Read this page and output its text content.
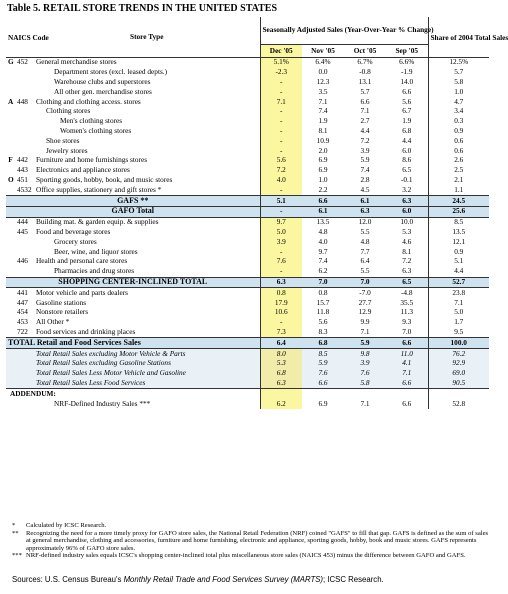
Table 5. RETAIL STORE TRENDS IN THE UNITED STATES
NAICS Code		Store Type	Seasonally Adjusted Sales (Year-Over-Year % Change)				Share of 2004 Total Sales
			Dec '05	Nov '05	Oct '05	Sep '05	
G	452	General merchandise stores	5.1%	6.4%	6.7%	6.6%	12.5%
		Department stores (excl. leased depts.)	-2.3	0.0	-0.8	-1.9	5.7
		Warehouse clubs and superstores	-	12.3	13.1	14.0	5.8
		All other gen. merchandise stores	-	3.5	5.7	6.6	1.0
A	448	Clothing and clothing access. stores	7.1	7.1	6.6	5.6	4.7
		Clothing stores	-	7.4	7.1	6.7	3.4
		Men's clothing stores	-	1.9	2.7	1.9	0.3
		Women's clothing stores	-	8.1	4.4	6.8	0.9
		Shoe stores	-	10.9	7.2	4.4	0.6
		Jewelry stores	-	2.0	3.9	6.0	0.6
F	442	Furniture and home furnishings stores	5.6	6.9	5.9	8.6	2.6
	443	Electronics and appliance stores	7.2	6.9	7.4	6.5	2.5
O	451	Sporting goods, hobby, book, and music stores	4.0	1.0	2.8	-0.1	2.1
	4532	Office supplies, stationery and gift stores *	-	2.2	4.5	3.2	1.1
GAFS **			5.1	6.6	6.1	6.3	24.5
GAFO Total			-	6.1	6.3	6.0	25.6
	444	Building mat. & garden equip. & supplies	9.7	13.5	12.0	10.0	8.5
	445	Food and beverage stores	5.0	4.8	5.5	5.3	13.5
		Grocery stores	3.9	4.0	4.8	4.6	12.1
		Beer, wine, and liquor stores	-	9.7	7.7	8.1	0.9
	446	Health and personal care stores	7.6	7.4	6.4	7.2	5.1
		Pharmacies and drug stores	-	6.2	5.5	6.3	4.4
SHOPPING CENTER-INCLINED TOTAL			6.3	7.0	7.0	6.5	52.7
	441	Motor vehicle and parts dealers	0.8	0.8	-7.0	-4.8	23.8
	447	Gasoline stations	17.9	15.7	27.7	35.5	7.1
	454	Nonstore retailers	10.6	11.8	12.9	11.3	5.0
	453	All Other *	-	5.6	9.9	9.3	1.7
	722	Food services and drinking places	7.3	8.3	7.1	7.0	9.5
TOTAL Retail and Food Services Sales			6.4	6.8	5.9	6.6	100.0
Total Retail Sales excluding Motor Vehicle & Parts			8.0	8.5	9.8	11.0	76.2
Total Retail Sales excluding Gasoline Stations			5.3	5.9	3.9	4.1	92.9
Total Retail Sales Less Motor Vehicle and Gasoline			6.8	7.6	7.6	7.1	69.0
Total Retail Sales Less Food Services			6.3	6.6	5.8	6.6	90.5
ADDENDUM:							
		NRF-Defined Industry Sales ***	6.2	6.9	7.1	6.6	52.8
*	Calculated by ICSC Research.
**	Recognizing the need for a more timely proxy for GAFO store sales, the National Retail Federation (NRF) coined "GAFS" to fill that gap. GAFS is defined as the sum of sales at general merchandise, clothing and accessories, furniture and home furnishing, electronic and appliance, sporting goods, hobby, book and music stores. GAFS represents approximately 96% of GAFO store sales.
*** NRF-defined industry sales equals ICSC's shopping center-inclined total plus miscellaneous store sales (NAICS 453) minus the difference between GAFO and GAFS.
Sources: U.S. Census Bureau's Monthly Retail Trade and Food Services Survey (MARTS); ICSC Research.
